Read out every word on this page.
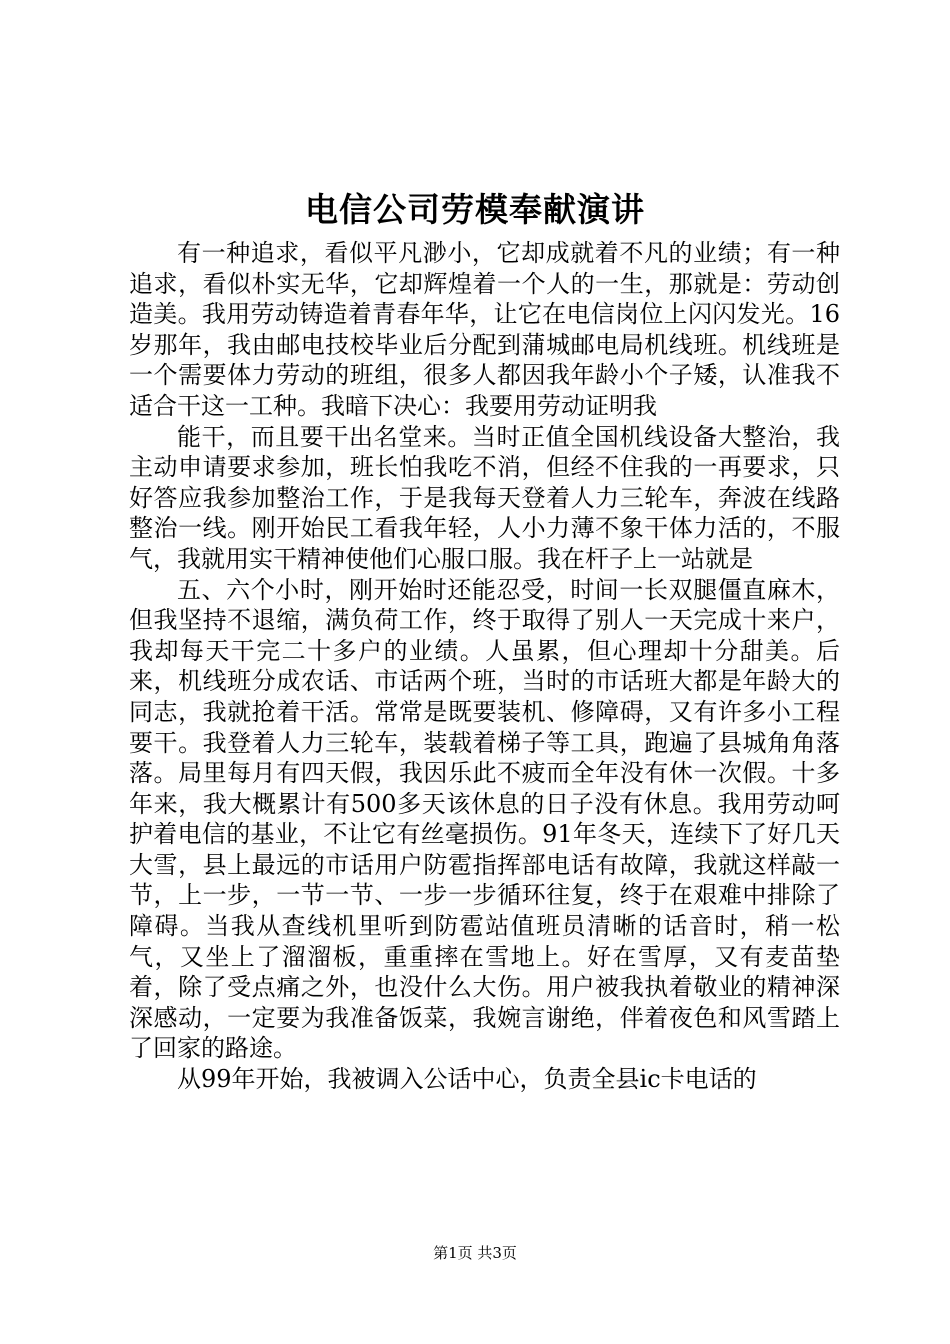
电信公司劳模奉献演讲

有一种追求，看似平凡渺小，它却成就着不凡的业绩；有一种追求，看似朴实无华，它却辉煌着一个人的一生，那就是：劳动创造美。我用劳动铸造着青春年华，让它在电信岗位上闪闪发光。16岁那年，我由邮电技校毕业后分配到蒲城邮电局机线班。机线班是一个需要体力劳动的班组，很多人都因我年龄小个子矮，认准我不适合干这一工种。我暗下决心：我要用劳动证明我

能干，而且要干出名堂来。当时正值全国机线设备大整治，我主动申请要求参加，班长怕我吃不消，但经不住我的一再要求，只好答应我参加整治工作，于是我每天登着人力三轮车，奔波在线路整治一线。刚开始民工看我年轻，人小力薄不象干体力活的，不服气，我就用实干精神使他们心服口服。我在杆子上一站就是

五、六个小时，刚开始时还能忍受，时间一长双腿僵直麻木，但我坚持不退缩，满负荷工作，终于取得了别人一天完成十来户，我却每天干完二十多户的业绩。人虽累，但心理却十分甜美。后来，机线班分成农话、市话两个班，当时的市话班大都是年龄大的同志，我就抢着干活。常常是既要装机、修障碍，又有许多小工程要干。我登着人力三轮车，装载着梯子等工具，跑遍了县城角角落落。局里每月有四天假，我因乐此不疲而全年没有休一次假。十多年来，我大概累计有500多天该休息的日子没有休息。我用劳动呵护着电信的基业，不让它有丝毫损伤。91年冬天，连续下了好几天大雪，县上最远的市话用户防雹指挥部电话有故障，我就这样敲一节，上一步，一节一节、一步一步循环往复，终于在艰难中排除了障碍。当我从查线机里听到防雹站值班员清晰的话音时，稍一松气，又坐上了溜溜板，重重摔在雪地上。好在雪厚，又有麦苗垫着，除了受点痛之外，也没什么大伤。用户被我执着敬业的精神深深感动，一定要为我准备饭菜，我婉言谢绝，伴着夜色和风雪踏上了回家的路途。

从99年开始，我被调入公话中心，负责全县ic卡电话的

第1页 共3页
